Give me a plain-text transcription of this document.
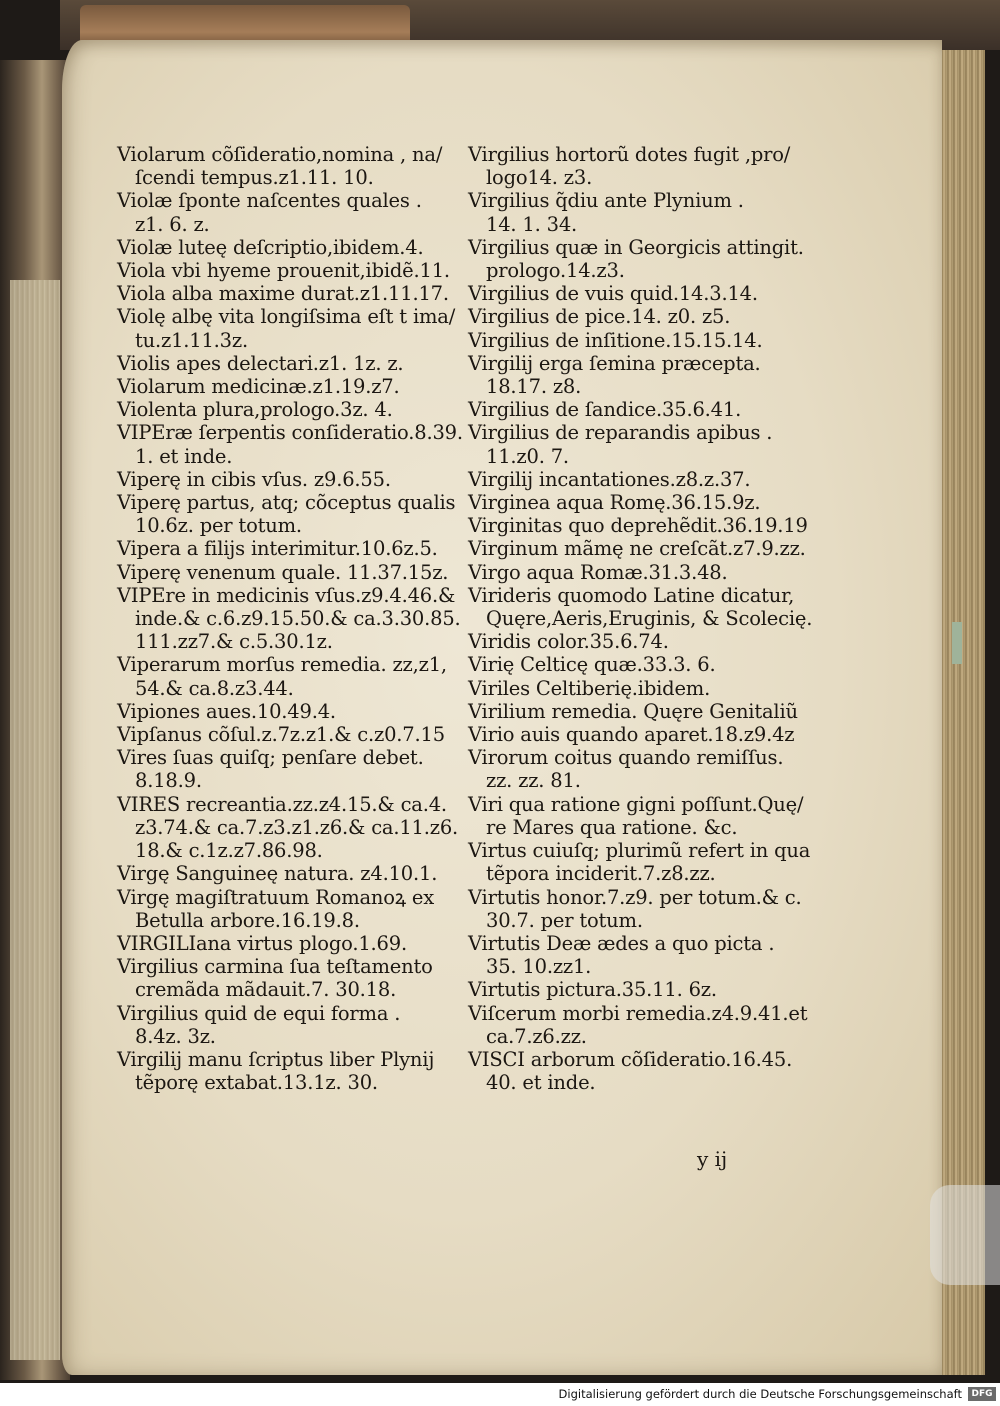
Violarum cõſideratio,nomina , na/
ſcendi tempus.z1.11. 10.
Violæ ſponte naſcentes quales .
z1. 6. z.
Violæ luteę deſcriptio,ibidem.4.
Viola vbi hyeme prouenit,ibidẽ.11.
Viola alba maxime durat.z1.11.17.
Violę albę vita longiſsima eſt t ima/
tu.z1.11.3z.
Violis apes delectari.z1. 1z. z.
Violarum medicinæ.z1.19.z7.
Violenta plura,prologo.3z. 4.
VIPEræ ſerpentis conſideratio.8.39.
1. et inde.
Viperę in cibis vſus. z9.6.55.
Viperę partus, atq; cõceptus qualis
10.6z. per totum.
Vipera a filijs interimitur.10.6z.5.
Viperę venenum quale. 11.37.15z.
VIPEre in medicinis vſus.z9.4.46.&
inde.& c.6.z9.15.50.& ca.3.30.85.
111.zz7.& c.5.30.1z.
Viperarum morſus remedia. zz,z1,
54.& ca.8.z3.44.
Vipiones aues.10.49.4.
Vipſanus cõſul.z.7z.z1.& c.z0.7.15
Vires ſuas quiſq; penſare debet.
8.18.9.
VIRES recreantia.zz.z4.15.& ca.4.
z3.74.& ca.7.z3.z1.z6.& ca.11.z6.
18.& c.1z.z7.86.98.
Virgę Sanguineę natura. z4.10.1.
Virgę magiſtratuum Romanoꝝ ex
Betulla arbore.16.19.8.
VIRGILIana virtus plogo.1.69.
Virgilius carmina ſua teſtamento
cremãda mãdauit.7. 30.18.
Virgilius quid de equi forma .
8.4z. 3z.
Virgilij manu ſcriptus liber Plynij
tẽporę extabat.13.1z. 30.
Virgilius hortorũ dotes fugit ,pro/
logo14. z3.
Virgilius q̃diu ante Plynium .
14. 1. 34.
Virgilius quæ in Georgicis attingit.
prologo.14.z3.
Virgilius de vuis quid.14.3.14.
Virgilius de pice.14. z0. z5.
Virgilius de inſitione.15.15.14.
Virgilij erga ſemina præcepta.
18.17. z8.
Virgilius de ſandice.35.6.41.
Virgilius de reparandis apibus .
11.z0. 7.
Virgilij incantationes.z8.z.37.
Virginea aqua Romę.36.15.9z.
Virginitas quo deprehẽdit.36.19.19
Virginum mãmę ne creſcãt.z7.9.zz.
Virgo aqua Romæ.31.3.48.
Virideris quomodo Latine dicatur,
Quęre,Aeris,Eruginis, & Scolecię.
Viridis color.35.6.74.
Virię Celticę quæ.33.3. 6.
Viriles Celtiberię.ibidem.
Virilium remedia. Quęre Genitaliũ
Virio auis quando aparet.18.z9.4z
Virorum coitus quando remiſſus.
zz. zz. 81.
Viri qua ratione gigni poſſunt.Quę/
re Mares qua ratione. &c.
Virtus cuiuſq; plurimũ refert in qua
tẽpora inciderit.7.z8.zz.
Virtutis honor.7.z9. per totum.& c.
30.7. per totum.
Virtutis Deæ ædes a quo picta .
35. 10.zz1.
Virtutis pictura.35.11. 6z.
Viſcerum morbi remedia.z4.9.41.et
ca.7.z6.zz.
VISCI arborum cõſideratio.16.45.
40. et inde.
y ij
Digitalisierung gefördert durch die Deutsche Forschungsgemeinschaft	DFG
